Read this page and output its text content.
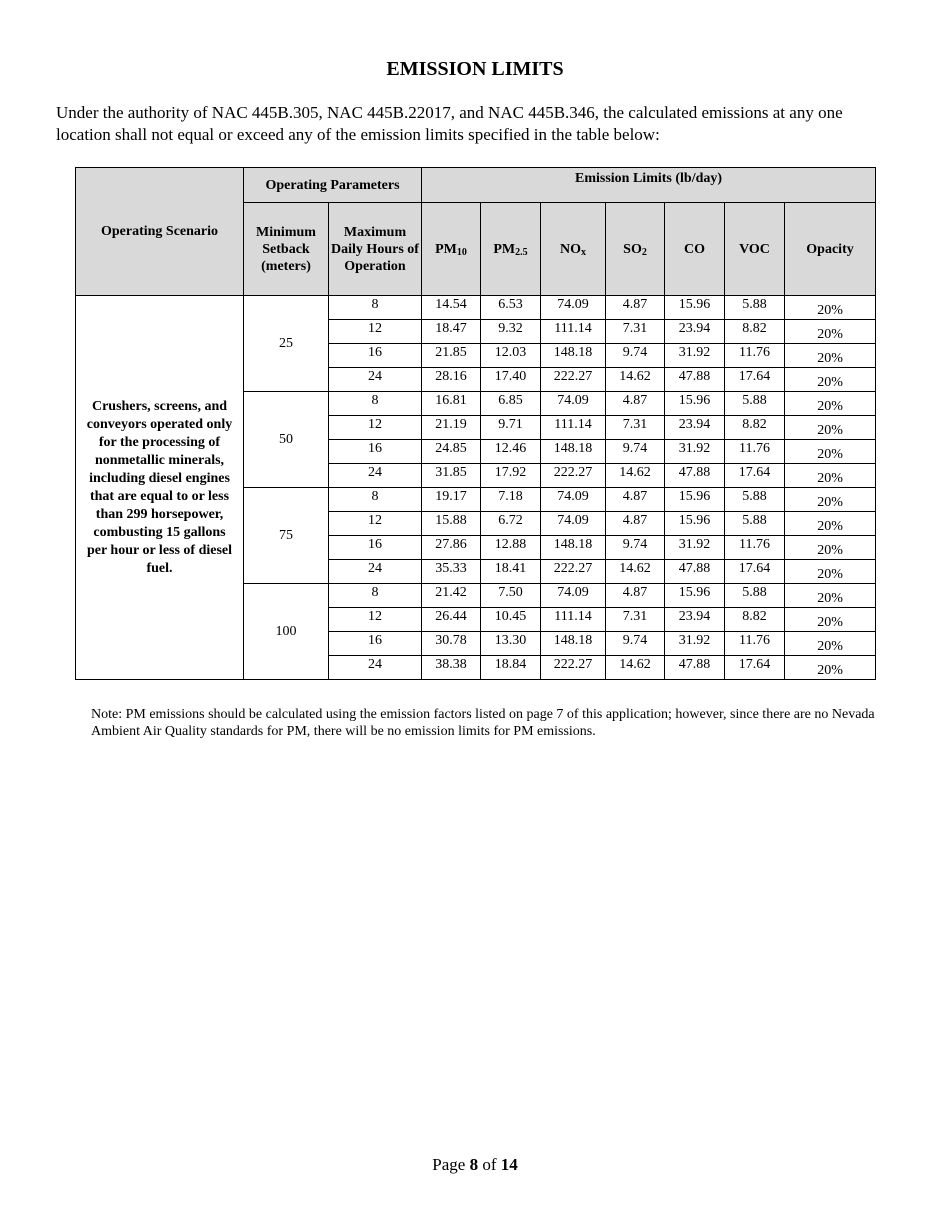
EMISSION LIMITS

Under the authority of NAC 445B.305, NAC 445B.22017, and NAC 445B.346, the calculated emissions at any one location shall not equal or exceed any of the emission limits specified in the table below:

Operating Scenario	Operating Parameters		Emission Limits (lb/day)						
	Minimum Setback (meters)	Maximum Daily Hours of Operation	$PM_{10}$	$PM_{2.5}$	$NO_x$	$SO_2$	CO	VOC	Opacity
Crushers, screens, and conveyors operated only for the processing of nonmetallic minerals, including diesel engines that are equal to or less than 299 horsepower, combusting 15 gallons per hour or less of diesel fuel.	25	8	14.54	6.53	74.09	4.87	15.96	5.88	20%
		12	18.47	9.32	111.14	7.31	23.94	8.82	20%
		16	21.85	12.03	148.18	9.74	31.92	11.76	20%
		24	28.16	17.40	222.27	14.62	47.88	17.64	20%
	50	8	16.81	6.85	74.09	4.87	15.96	5.88	20%
		12	21.19	9.71	111.14	7.31	23.94	8.82	20%
		16	24.85	12.46	148.18	9.74	31.92	11.76	20%
		24	31.85	17.92	222.27	14.62	47.88	17.64	20%
	75	8	19.17	7.18	74.09	4.87	15.96	5.88	20%
		12	15.88	6.72	74.09	4.87	15.96	5.88	20%
		16	27.86	12.88	148.18	9.74	31.92	11.76	20%
		24	35.33	18.41	222.27	14.62	47.88	17.64	20%
	100	8	21.42	7.50	74.09	4.87	15.96	5.88	20%
		12	26.44	10.45	111.14	7.31	23.94	8.82	20%
		16	30.78	13.30	148.18	9.74	31.92	11.76	20%
		24	38.38	18.84	222.27	14.62	47.88	17.64	20%

Note: PM emissions should be calculated using the emission factors listed on page 7 of this application; however, since there are no Nevada Ambient Air Quality standards for PM, there will be no emission limits for PM emissions.

Page 8 of 14
